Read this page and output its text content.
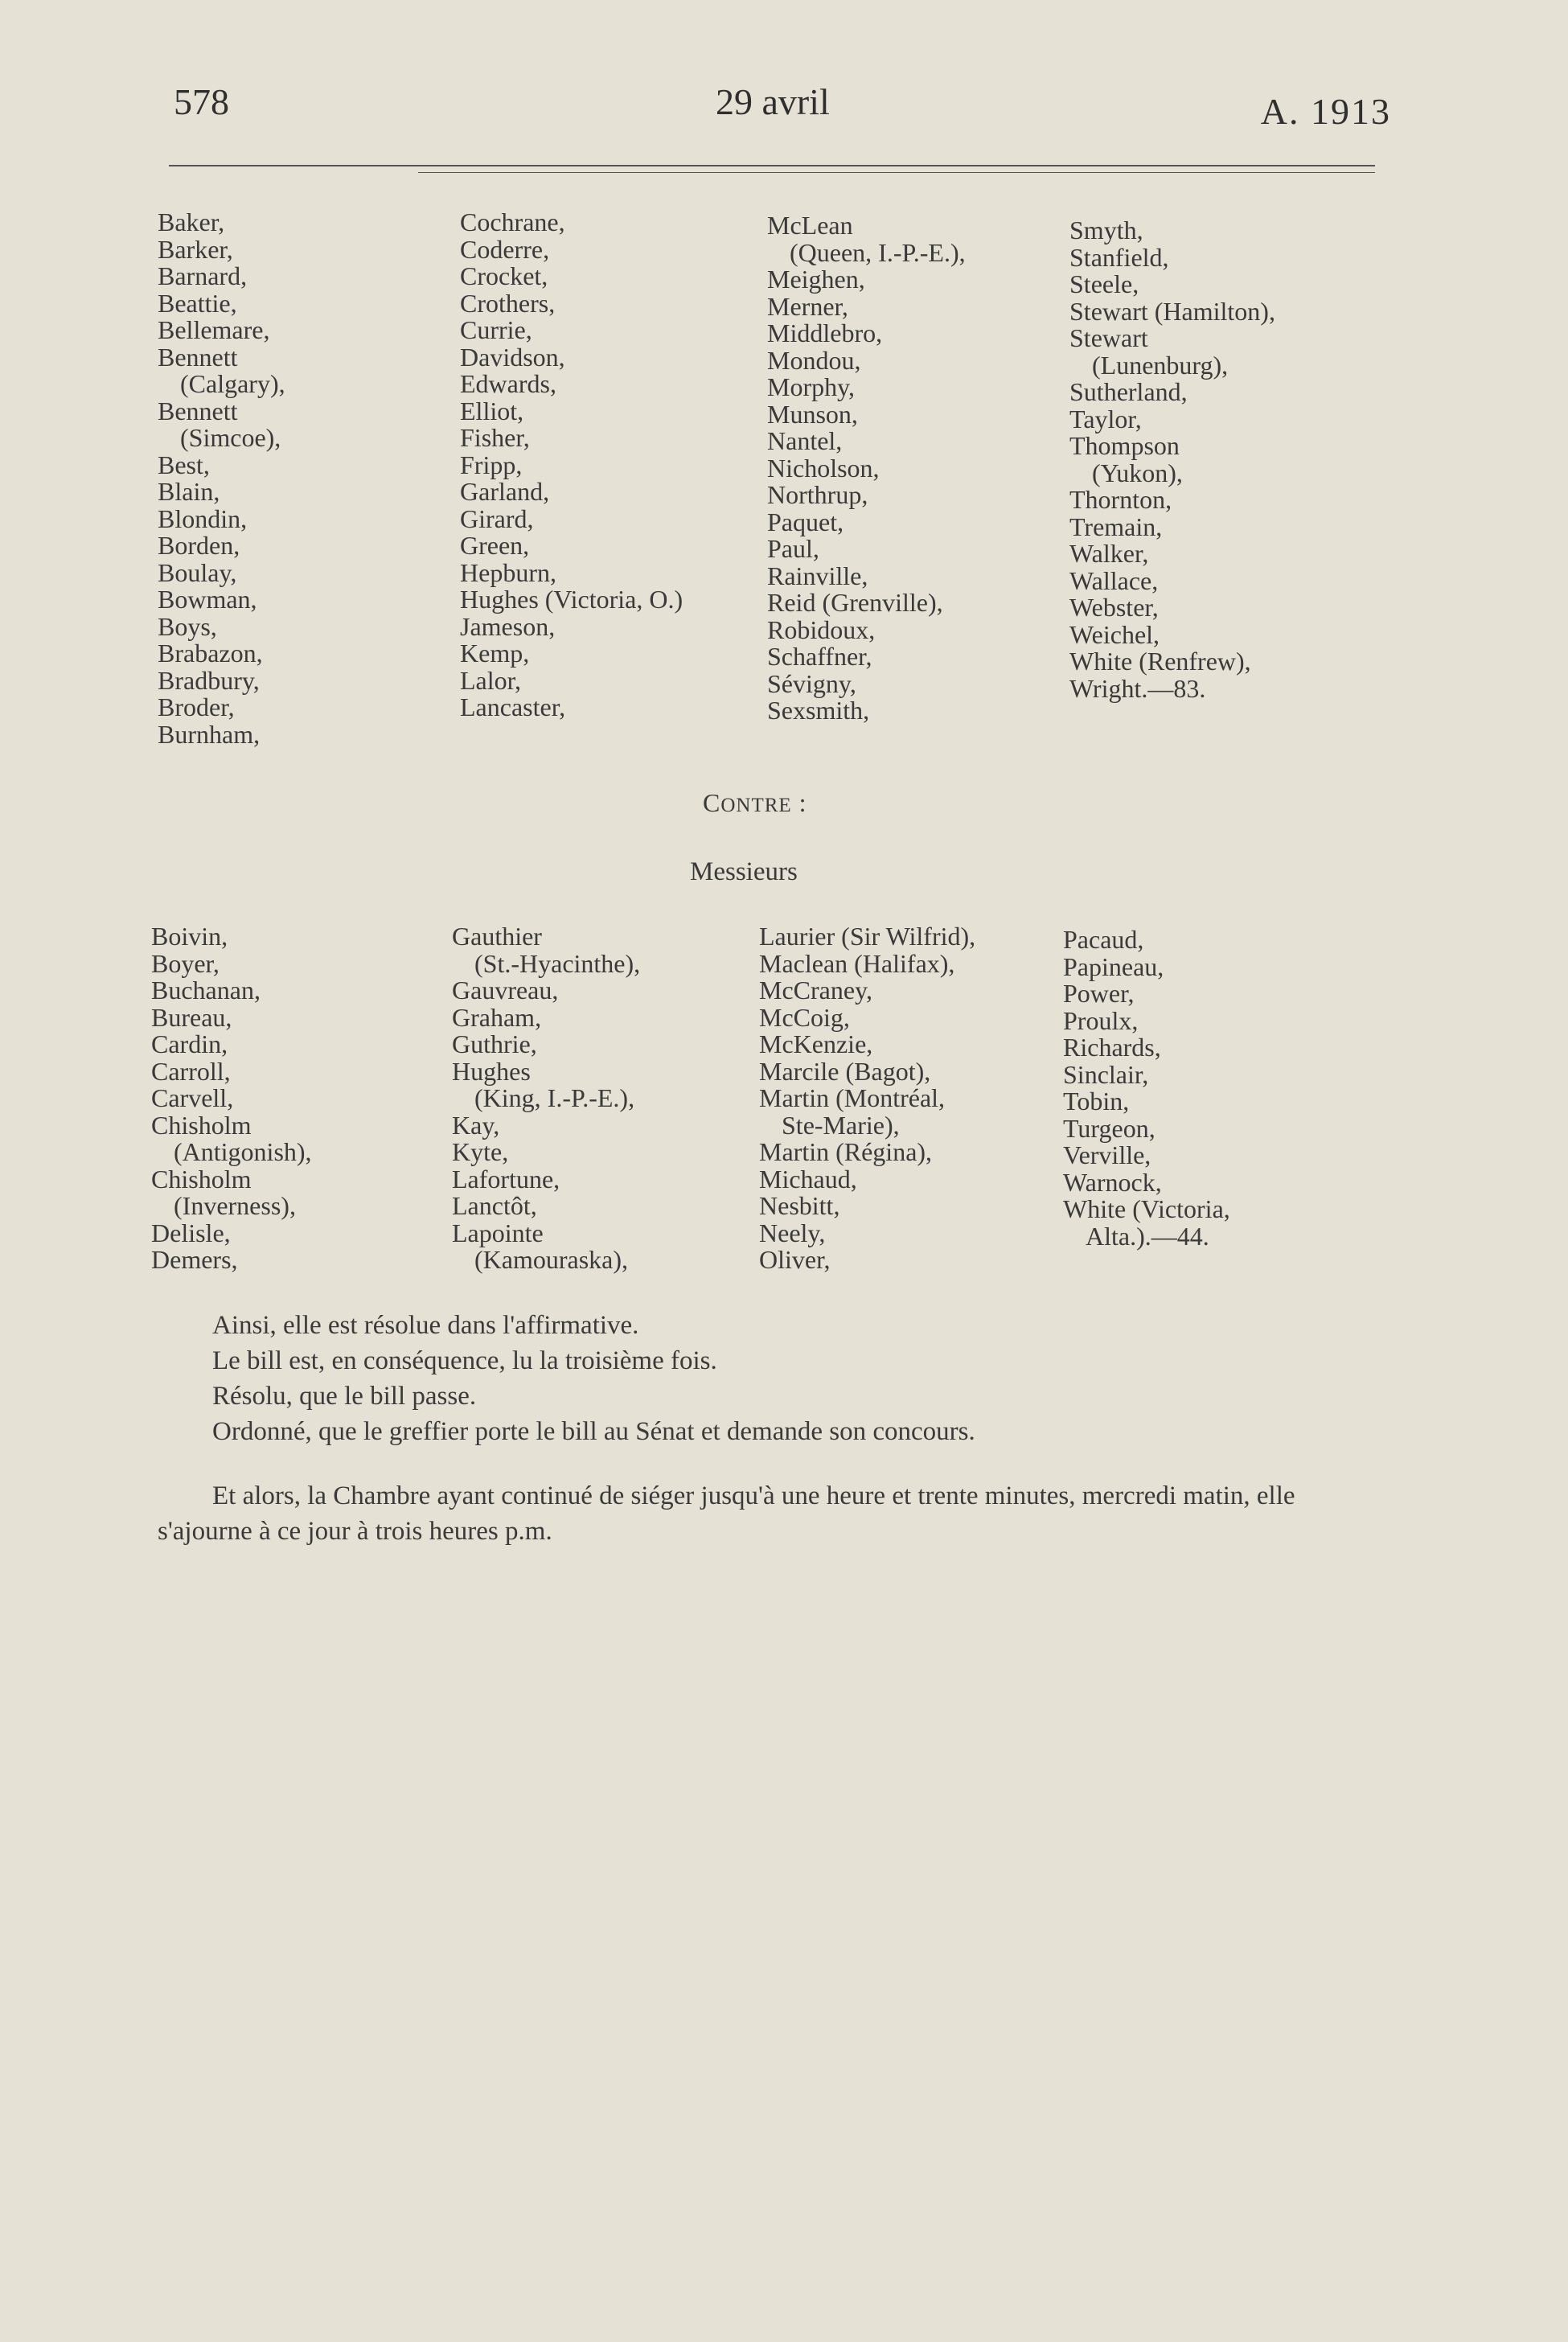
578	29 avril	A. 1913
Baker,
Barker,
Barnard,
Beattie,
Bellemare,
Bennett
(Calgary),
Bennett
(Simcoe),
Best,
Blain,
Blondin,
Borden,
Boulay,
Bowman,
Boys,
Brabazon,
Bradbury,
Broder,
Burnham,
Cochrane,
Coderre,
Crocket,
Crothers,
Currie,
Davidson,
Edwards,
Elliot,
Fisher,
Fripp,
Garland,
Girard,
Green,
Hepburn,
Hughes (Victoria, O.)
Jameson,
Kemp,
Lalor,
Lancaster,
McLean
(Queen, I.-P.-E.),
Meighen,
Merner,
Middlebro,
Mondou,
Morphy,
Munson,
Nantel,
Nicholson,
Northrup,
Paquet,
Paul,
Rainville,
Reid (Grenville),
Robidoux,
Schaffner,
Sévigny,
Sexsmith,
Smyth,
Stanfield,
Steele,
Stewart (Hamilton),
Stewart
(Lunenburg),
Sutherland,
Taylor,
Thompson
(Yukon),
Thornton,
Tremain,
Walker,
Wallace,
Webster,
Weichel,
White (Renfrew),
Wright.—83.
CONTRE :
Messieurs
Boivin,
Boyer,
Buchanan,
Bureau,
Cardin,
Carroll,
Carvell,
Chisholm
(Antigonish),
Chisholm
(Inverness),
Delisle,
Demers,
Gauthier
(St.-Hyacinthe),
Gauvreau,
Graham,
Guthrie,
Hughes
(King, I.-P.-E.),
Kay,
Kyte,
Lafortune,
Lanctôt,
Lapointe
(Kamouraska),
Laurier (Sir Wilfrid),
Maclean (Halifax),
McCraney,
McCoig,
McKenzie,
Marcile (Bagot),
Martin (Montréal,
Ste-Marie),
Martin (Régina),
Michaud,
Nesbitt,
Neely,
Oliver,
Pacaud,
Papineau,
Power,
Proulx,
Richards,
Sinclair,
Tobin,
Turgeon,
Verville,
Warnock,
White (Victoria,
Alta.).—44.

Ainsi, elle est résolue dans l'affirmative.

Le bill est, en conséquence, lu la troisième fois.

Résolu, que le bill passe.

Ordonné, que le greffier porte le bill au Sénat et demande son concours.

Et alors, la Chambre ayant continué de siéger jusqu'à une heure et trente minutes, mercredi matin, elle s'ajourne à ce jour à trois heures p.m.
